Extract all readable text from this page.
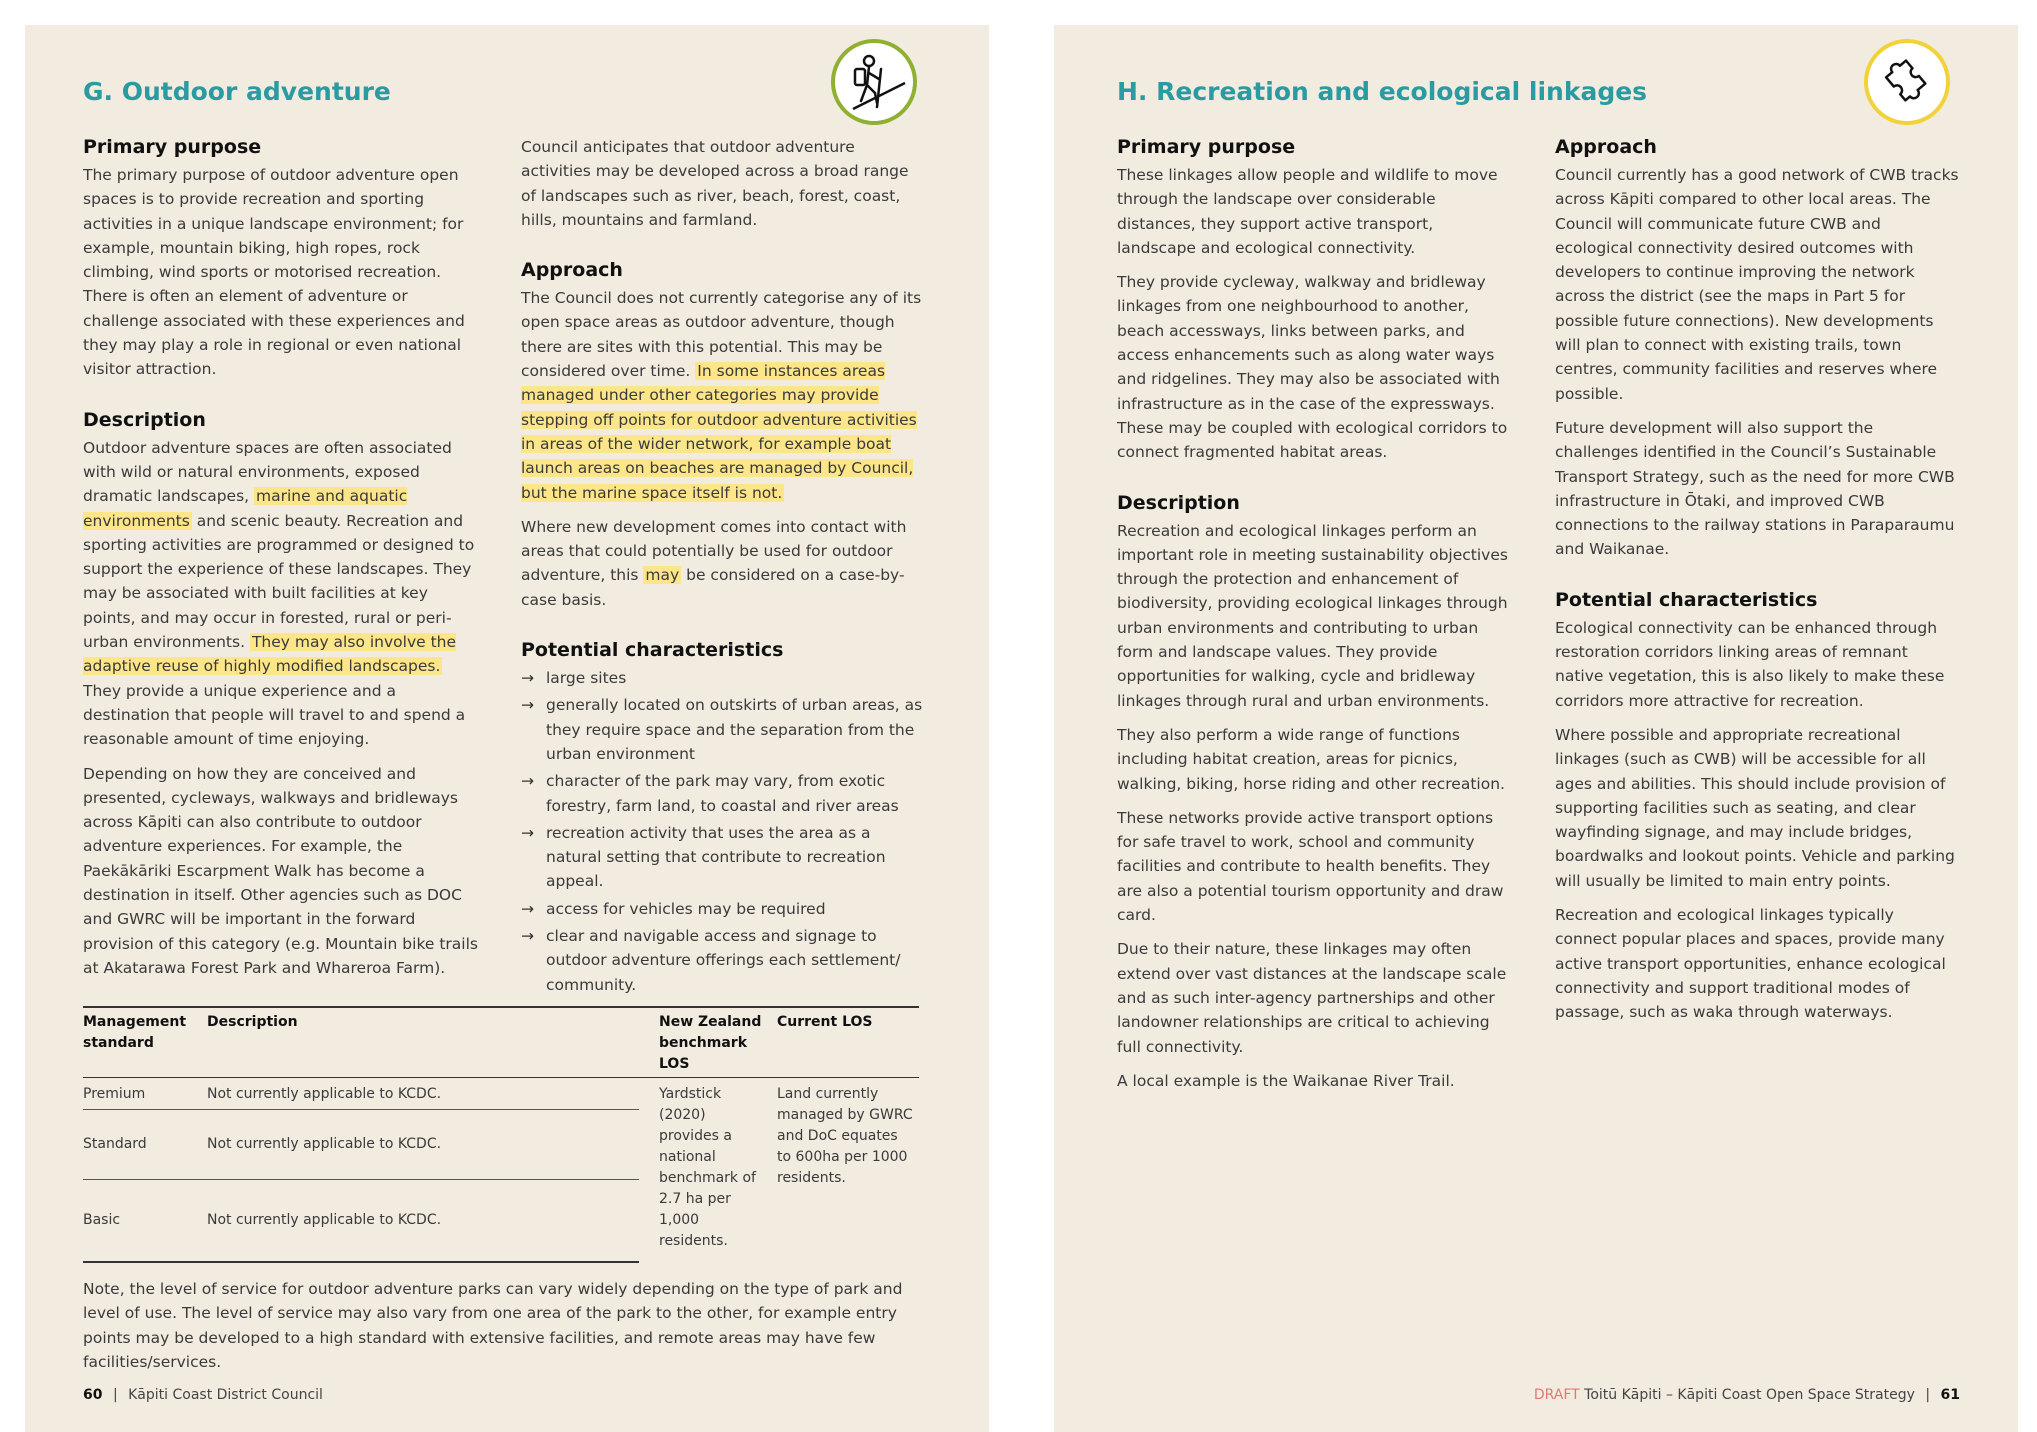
G. Outdoor adventure
Primary purpose

The primary purpose of outdoor adventure open spaces is to provide recreation and sporting activities in a unique landscape environment; for example, mountain biking, high ropes, rock climbing, wind sports or motorised recreation. There is often an element of adventure or challenge associated with these experiences and they may play a role in regional or even national visitor attraction.

Description

Outdoor adventure spaces are often associated with wild or natural environments, exposed dramatic landscapes, marine and aquatic environments and scenic beauty. Recreation and sporting activities are programmed or designed to support the experience of these landscapes. They may be associated with built facilities at key points, and may occur in forested, rural or peri-urban environments. They may also involve the adaptive reuse of highly modified landscapes. They provide a unique experience and a destination that people will travel to and spend a reasonable amount of time enjoying.

Depending on how they are conceived and presented, cycleways, walkways and bridleways across Kāpiti can also contribute to outdoor adventure experiences. For example, the Paekākāriki Escarpment Walk has become a destination in itself. Other agencies such as DOC and GWRC will be important in the forward provision of this category (e.g. Mountain bike trails at Akatarawa Forest Park and Whareroa Farm).

Council anticipates that outdoor adventure activities may be developed across a broad range of landscapes such as river, beach, forest, coast, hills, mountains and farmland.

Approach

The Council does not currently categorise any of its open space areas as outdoor adventure, though there are sites with this potential. This may be considered over time. In some instances areas managed under other categories may provide stepping off points for outdoor adventure activities in areas of the wider network, for example boat launch areas on beaches are managed by Council, but the marine space itself is not.

Where new development comes into contact with areas that could potentially be used for outdoor adventure, this may be considered on a case-by-case basis.

Potential characteristics
→ large sites
→ generally located on outskirts of urban areas, as they require space and the separation from the urban environment
→ character of the park may vary, from exotic forestry, farm land, to coastal and river areas
→ recreation activity that uses the area as a natural setting that contribute to recreation appeal.
→ access for vehicles may be required
→ clear and navigable access and signage to outdoor adventure offerings each settlement/ community.
Management standard	Description	New Zealand benchmark LOS	Current LOS
Premium	Not currently applicable to KCDC.	Yardstick (2020) provides a national benchmark of 2.7 ha per 1,000 residents.	Land currently managed by GWRC and DoC equates to 600ha per 1000 residents.
Standard	Not currently applicable to KCDC.		
Basic	Not currently applicable to KCDC.		

Note, the level of service for outdoor adventure parks can vary widely depending on the type of park and level of use. The level of service may also vary from one area of the park to the other, for example entry points may be developed to a high standard with extensive facilities, and remote areas may have few facilities/services.

60 | Kāpiti Coast District Council
H. Recreation and ecological linkages
Primary purpose

These linkages allow people and wildlife to move through the landscape over considerable distances, they support active transport, landscape and ecological connectivity.

They provide cycleway, walkway and bridleway linkages from one neighbourhood to another, beach accessways, links between parks, and access enhancements such as along water ways and ridgelines. They may also be associated with infrastructure as in the case of the expressways. These may be coupled with ecological corridors to connect fragmented habitat areas.

Description

Recreation and ecological linkages perform an important role in meeting sustainability objectives through the protection and enhancement of biodiversity, providing ecological linkages through urban environments and contributing to urban form and landscape values. They provide opportunities for walking, cycle and bridleway linkages through rural and urban environments.

They also perform a wide range of functions including habitat creation, areas for picnics, walking, biking, horse riding and other recreation.

These networks provide active transport options for safe travel to work, school and community facilities and contribute to health benefits. They are also a potential tourism opportunity and draw card.

Due to their nature, these linkages may often extend over vast distances at the landscape scale and as such inter-agency partnerships and other landowner relationships are critical to achieving full connectivity.

A local example is the Waikanae River Trail.

Approach

Council currently has a good network of CWB tracks across Kāpiti compared to other local areas. The Council will communicate future CWB and ecological connectivity desired outcomes with developers to continue improving the network across the district (see the maps in Part 5 for possible future connections). New developments will plan to connect with existing trails, town centres, community facilities and reserves where possible.

Future development will also support the challenges identified in the Council’s Sustainable Transport Strategy, such as the need for more CWB infrastructure in Ōtaki, and improved CWB connections to the railway stations in Paraparaumu and Waikanae.

Potential characteristics

Ecological connectivity can be enhanced through restoration corridors linking areas of remnant native vegetation, this is also likely to make these corridors more attractive for recreation.

Where possible and appropriate recreational linkages (such as CWB) will be accessible for all ages and abilities. This should include provision of supporting facilities such as seating, and clear wayfinding signage, and may include bridges, boardwalks and lookout points. Vehicle and parking will usually be limited to main entry points.

Recreation and ecological linkages typically connect popular places and spaces, provide many active transport opportunities, enhance ecological connectivity and support traditional modes of passage, such as waka through waterways.

DRAFT Toitū Kāpiti – Kāpiti Coast Open Space Strategy | 61
